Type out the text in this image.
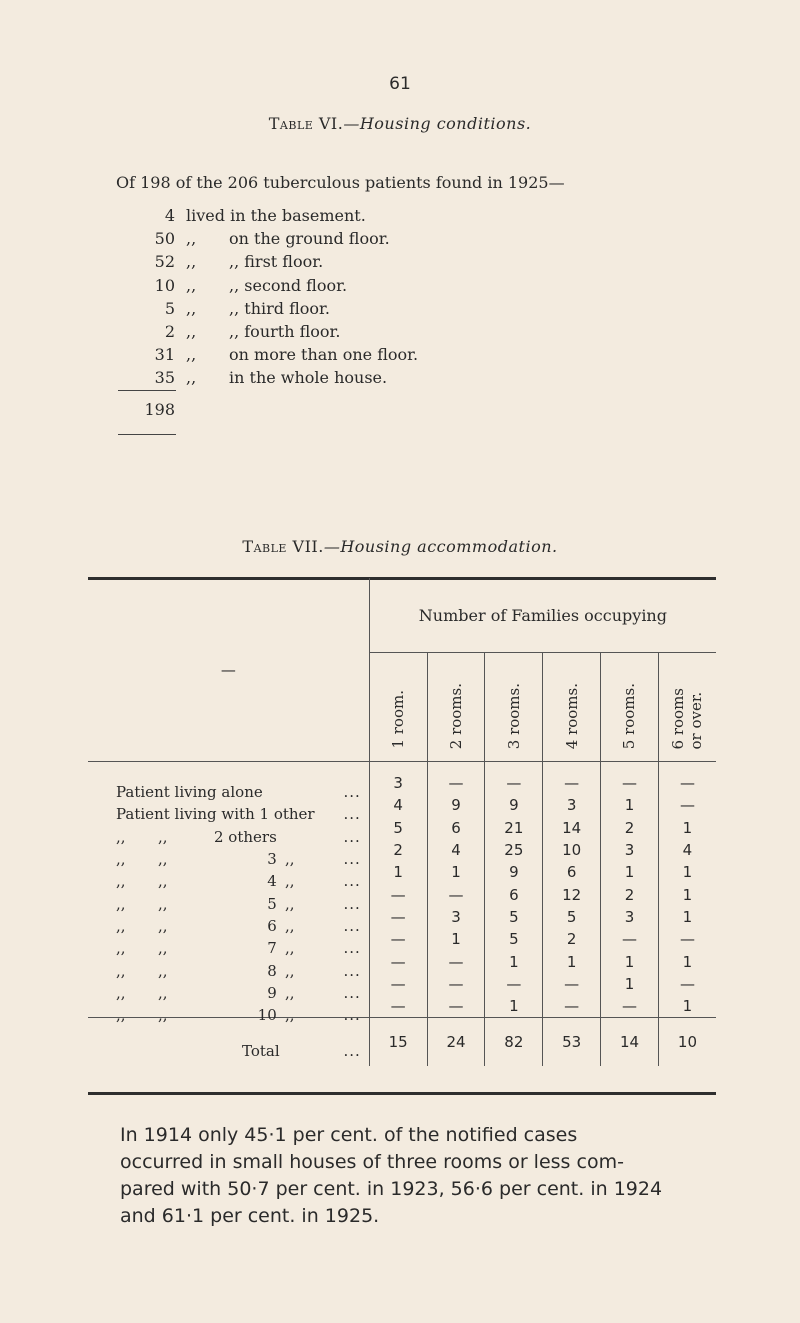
61
Table VI.—Housing conditions.
Of 198 of the 206 tuberculous patients found in 1925—
4 lived in the basement.
50 ,, on the ground floor.
52 ,, ,, first floor.
10 ,, ,, second floor.
5 ,, ,, third floor.
2 ,, ,, fourth floor.
31 ,, on more than one floor.
35 ,, in the whole house.
198
Table VII.—Housing accommodation.
—	Number of Families occupying					
	1 room.	2 rooms.	3 rooms.	4 rooms.	5 rooms.	6 rooms
or over.

Patient living alone ...	3	—	—	—	—	—

Patient living with 1 other ...	4	9	9	3	1	—

,, ,, 2 others ...	5	6	21	14	2	1

,, ,, 3 ,, ...	2	4	25	10	3	4

,, ,, 4 ,, ...	1	1	9	6	1	1

,, ,, 5 ,, ...	—	—	6	12	2	1

,, ,, 6 ,, ...	—	3	5	5	3	1

,, ,, 7 ,, ...	—	1	5	2	—	—

,, ,, 8 ,, ...	—	—	1	1	1	1

,, ,, 9 ,, ...	—	—	—	—	1	—

,, ,, 10 ,, ...	—	—	1	—	—	1

Total ...	15	24	82	53	14	10
In 1914 only 45·1 per cent. of the notified cases
occurred in small houses of three rooms or less com-
pared with 50·7 per cent. in 1923, 56·6 per cent. in 1924
and 61·1 per cent. in 1925.
